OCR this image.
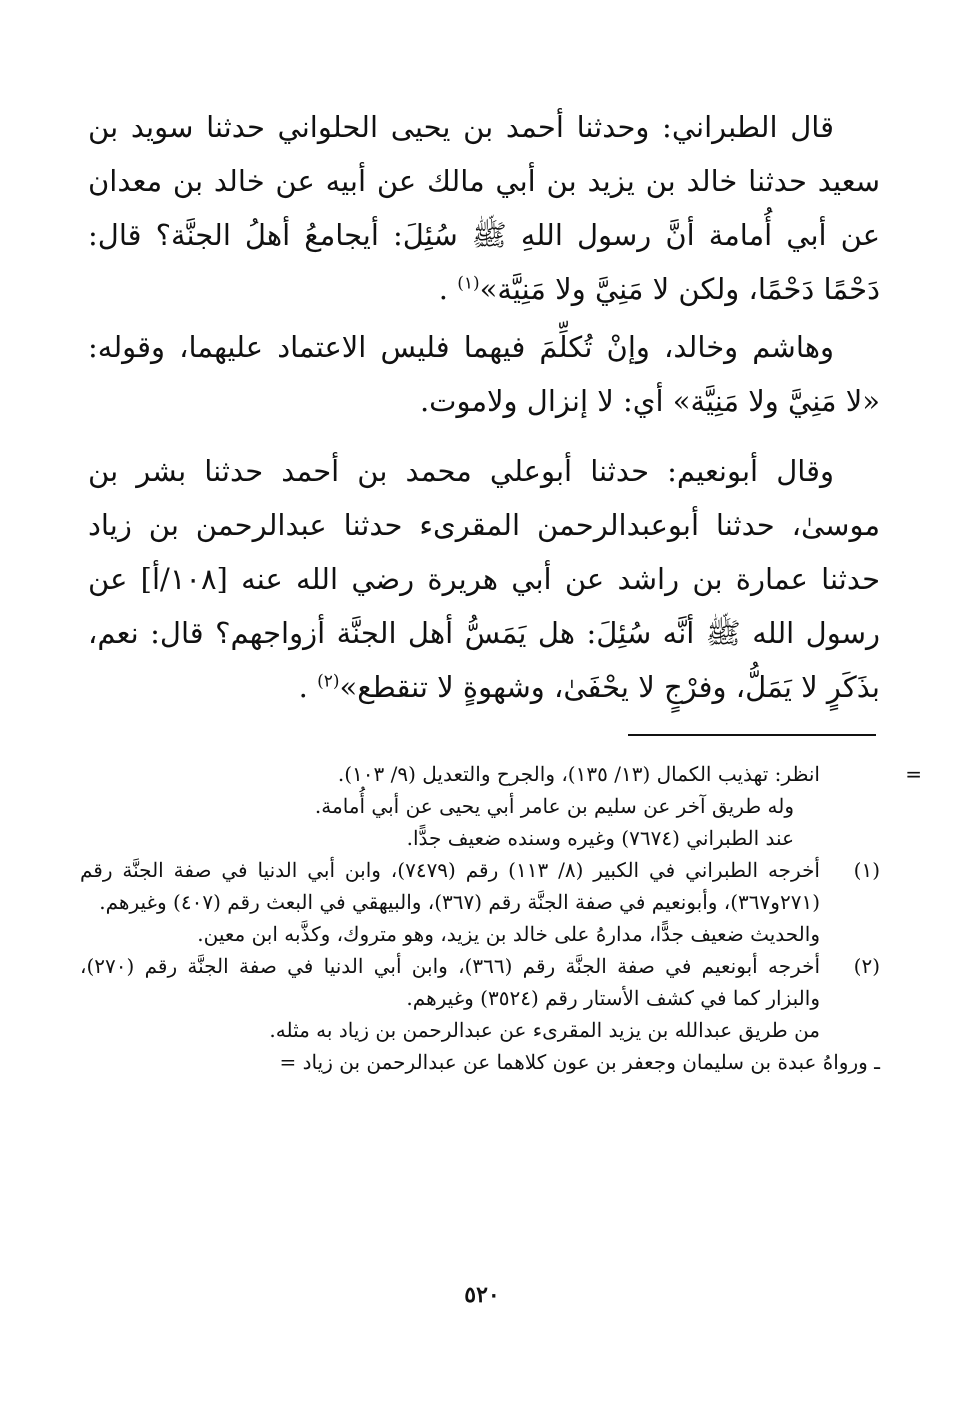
قال الطبراني: وحدثنا أحمد بن يحيى الحلواني حدثنا سويد بن سعيد حدثنا خالد بن يزيد بن أبي مالك عن أبيه عن خالد بن معدان عن أبي أُمامة أنَّ رسول اللهِ ﷺ سُئِلَ: أيجامعُ أهلُ الجنَّة؟ قال: دَحْمًا دَحْمًا، ولكن لا مَنِيَّ ولا مَنِيَّة»$^{(١)}$ .

وهاشم وخالد، وإنْ تُكلِّمَ فيهما فليس الاعتماد عليهما، وقوله: «لا مَنِيَّ ولا مَنِيَّة» أي: لا إنزال ولاموت.

وقال أبونعيم: حدثنا أبوعلي محمد بن أحمد حدثنا بشر بن موسىٰ، حدثنا أبوعبدالرحمن المقرىء حدثنا عبدالرحمن بن زياد حدثنا عمارة بن راشد عن أبي هريرة رضي الله عنه [١٠٨/أ] عن رسول الله ﷺ أنَّه سُئِلَ: هل يَمَسُّ أهل الجنَّة أزواجهم؟ قال: نعم، بذَكَرٍ لا يَمَلُّ، وفرْجٍ لا يحْفَىٰ، وشهوةٍ لا تنقطع»$^{(٢)}$ .

=

انظر: تهذيب الكمال (١٣/ ١٣٥)، والجرح والتعديل (٩/ ١٠٣).

وله طريق آخر عن سليم بن عامر أبي يحيى عن أبي أُمامة.

عند الطبراني (٧٦٧٤) وغيره وسنده ضعيف جدًّا.

(١)

أخرجه الطبراني في الكبير (٨/ ١١٣) رقم (٧٤٧٩)، وابن أبي الدنيا في صفة الجنَّة رقم (٢٧١و٣٦٧)، وأبونعيم في صفة الجنَّة رقم (٣٦٧)، والبيهقي في البعث رقم (٤٠٧) وغيرهم.

والحديث ضعيف جدًّا، مدارهُ على خالد بن يزيد، وهو متروك، وكذَّبه ابن معين.

(٢)

أخرجه أبونعيم في صفة الجنَّة رقم (٣٦٦)، وابن أبي الدنيا في صفة الجنَّة رقم (٢٧٠)، والبزار كما في كشف الأستار رقم (٣٥٢٤) وغيرهم.

من طريق عبدالله بن يزيد المقرىء عن عبدالرحمن بن زياد به مثله.

ـ ورواهُ عبدة بن سليمان وجعفر بن عون كلاهما عن عبدالرحمن بن زياد =

٥٢٠
